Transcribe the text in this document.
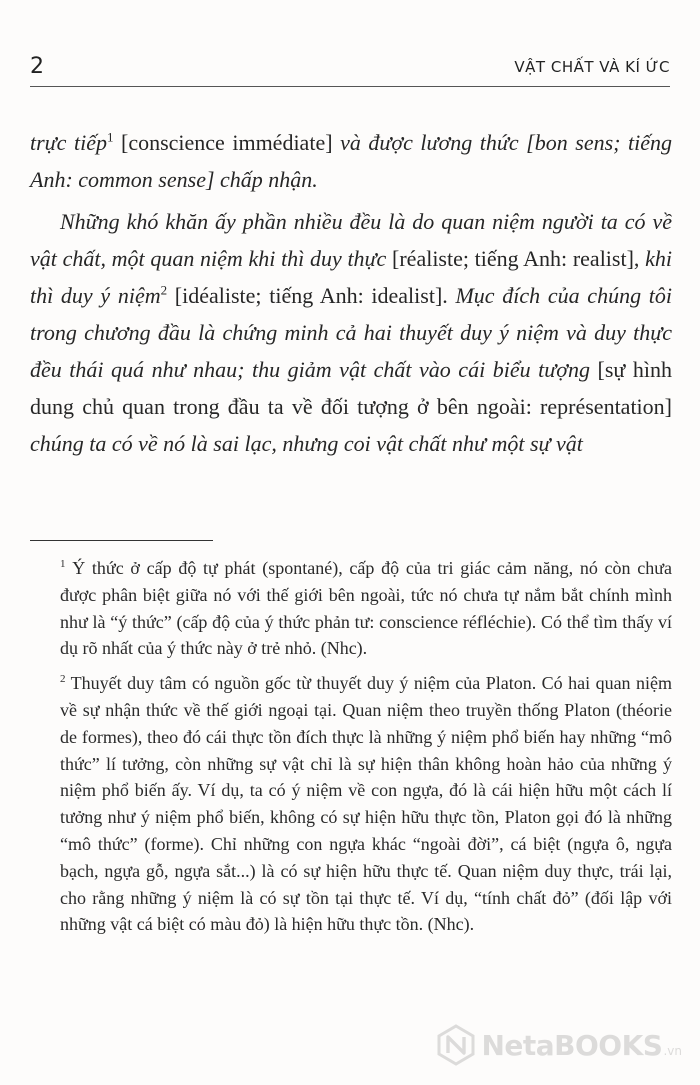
2	VẬT CHẤT VÀ KÍ ỨC

trực tiếp$^1$ [conscience immédiate] và được lương thức [bon sens; tiếng Anh: common sense] chấp nhận.

Những khó khăn ấy phần nhiều đều là do quan niệm người ta có về vật chất, một quan niệm khi thì duy thực [réaliste; tiếng Anh: realist], khi thì duy ý niệm$^2$ [idéaliste; tiếng Anh: idealist]. Mục đích của chúng tôi trong chương đầu là chứng minh cả hai thuyết duy ý niệm và duy thực đều thái quá như nhau; thu giảm vật chất vào cái biểu tượng [sự hình dung chủ quan trong đầu ta về đối tượng ở bên ngoài: représentation] chúng ta có về nó là sai lạc, nhưng coi vật chất như một sự vật

$^1$ Ý thức ở cấp độ tự phát (spontané), cấp độ của tri giác cảm năng, nó còn chưa được phân biệt giữa nó với thế giới bên ngoài, tức nó chưa tự nắm bắt chính mình như là “ý thức” (cấp độ của ý thức phản tư: conscience réfléchie). Có thể tìm thấy ví dụ rõ nhất của ý thức này ở trẻ nhỏ. (Nhc).

$^2$ Thuyết duy tâm có nguồn gốc từ thuyết duy ý niệm của Platon. Có hai quan niệm về sự nhận thức về thế giới ngoại tại. Quan niệm theo truyền thống Platon (théorie de formes), theo đó cái thực tồn đích thực là những ý niệm phổ biến hay những “mô thức” lí tưởng, còn những sự vật chỉ là sự hiện thân không hoàn hảo của những ý niệm phổ biến ấy. Ví dụ, ta có ý niệm về con ngựa, đó là cái hiện hữu một cách lí tưởng như ý niệm phổ biến, không có sự hiện hữu thực tồn, Platon gọi đó là những “mô thức” (forme). Chỉ những con ngựa khác “ngoài đời”, cá biệt (ngựa ô, ngựa bạch, ngựa gỗ, ngựa sắt...) là có sự hiện hữu thực tế. Quan niệm duy thực, trái lại, cho rằng những ý niệm là có sự tồn tại thực tế. Ví dụ, “tính chất đỏ” (đối lập với những vật cá biệt có màu đỏ) là hiện hữu thực tồn. (Nhc).

NetaBOOKS .vn
